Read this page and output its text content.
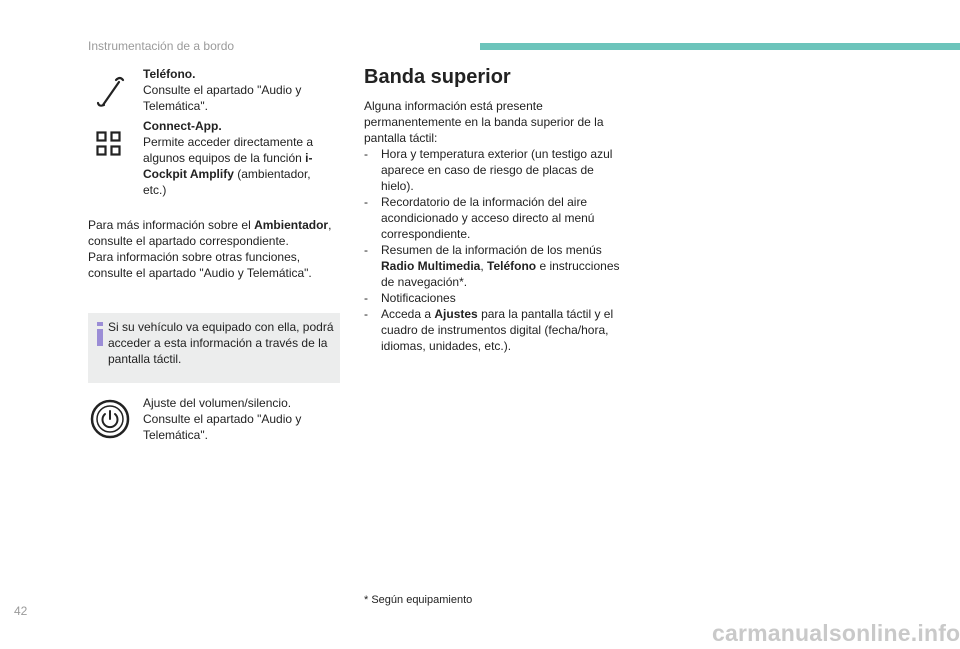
Instrumentación de a bordo
Teléfono.
Consulte el apartado "Audio y Telemática".
Connect-App.
Permite acceder directamente a algunos equipos de la función i-Cockpit Amplify (ambientador, etc.)
Para más información sobre el Ambientador, consulte el apartado correspondiente.
Para información sobre otras funciones, consulte el apartado "Audio y Telemática".
Si su vehículo va equipado con ella, podrá acceder a esta información a través de la pantalla táctil.
Ajuste del volumen/silencio. Consulte el apartado "Audio y Telemática".
Banda superior
Alguna información está presente permanentemente en la banda superior de la pantalla táctil:
- Hora y temperatura exterior (un testigo azul aparece en caso de riesgo de placas de hielo).
- Recordatorio de la información del aire acondicionado y acceso directo al menú correspondiente.
- Resumen de la información de los menús Radio Multimedia, Teléfono e instrucciones de navegación*.
- Notificaciones
- Acceda a Ajustes para la pantalla táctil y el cuadro de instrumentos digital (fecha/hora, idiomas, unidades, etc.).
* Según equipamiento
42
carmanualsonline.info
